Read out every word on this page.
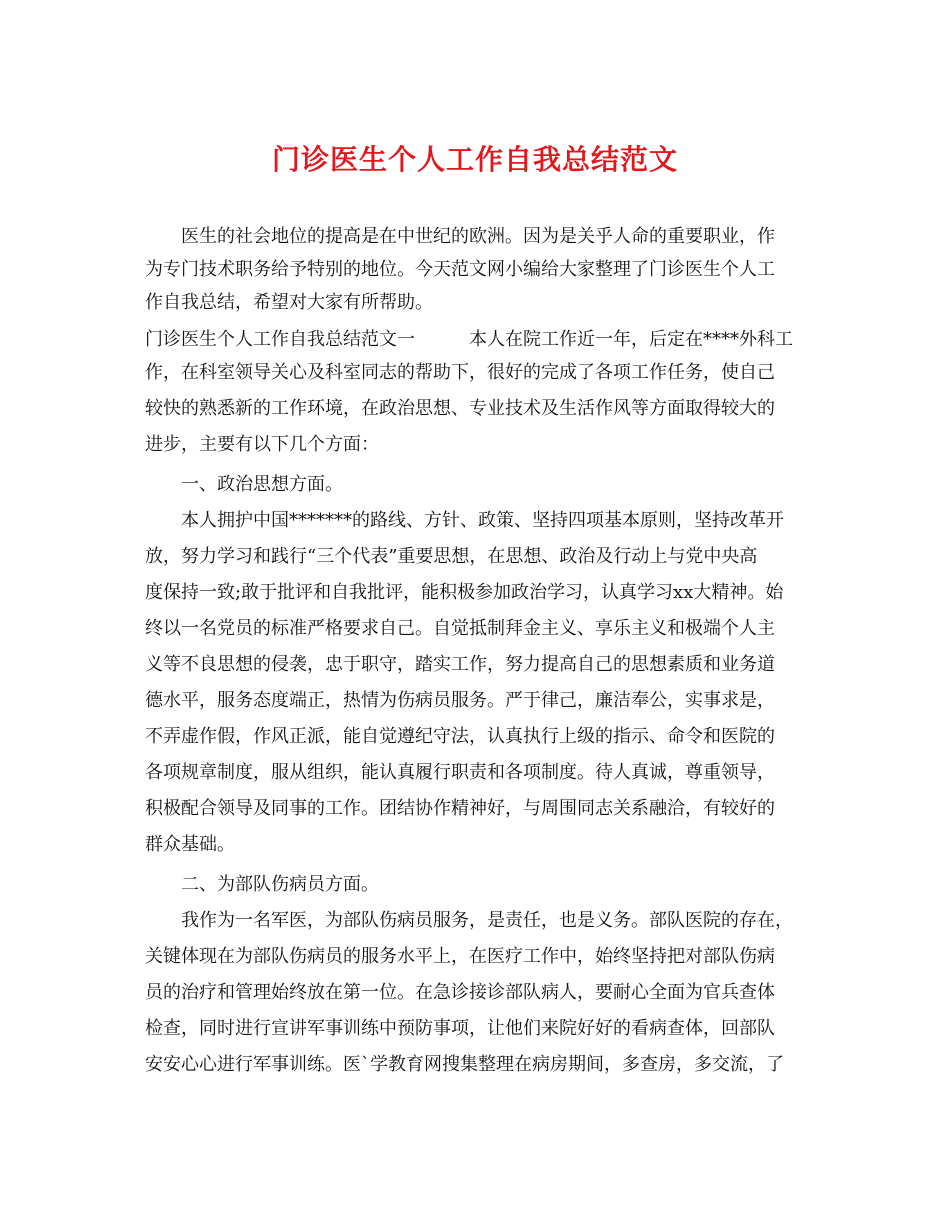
门诊医生个人工作自我总结范文
　　医生的社会地位的提高是在中世纪的欧洲。因为是关乎人命的重要职业，作
为专门技术职务给予特别的地位。今天范文网小编给大家整理了门诊医生个人工
作自我总结，希望对大家有所帮助。
门诊医生个人工作自我总结范文一　　　本人在院工作近一年，后定在****外科工
作，在科室领导关心及科室同志的帮助下，很好的完成了各项工作任务，使自己
较快的熟悉新的工作环境，在政治思想、专业技术及生活作风等方面取得较大的
进步，主要有以下几个方面：
　　一、政治思想方面。
　　本人拥护中国*******的路线、方针、政策、坚持四项基本原则，坚持改革开
放，努力学习和践行“三个代表”重要思想，在思想、政治及行动上与党中央高
度保持一致;敢于批评和自我批评，能积极参加政治学习，认真学习xx大精神。始
终以一名党员的标准严格要求自己。自觉抵制拜金主义、享乐主义和极端个人主
义等不良思想的侵袭，忠于职守，踏实工作，努力提高自己的思想素质和业务道
德水平，服务态度端正，热情为伤病员服务。严于律己，廉洁奉公，实事求是，
不弄虚作假，作风正派，能自觉遵纪守法，认真执行上级的指示、命令和医院的
各项规章制度，服从组织，能认真履行职责和各项制度。待人真诚，尊重领导，
积极配合领导及同事的工作。团结协作精神好，与周围同志关系融洽，有较好的
群众基础。
　　二、为部队伤病员方面。
　　我作为一名军医，为部队伤病员服务，是责任，也是义务。部队医院的存在，
关键体现在为部队伤病员的服务水平上，在医疗工作中，始终坚持把对部队伤病
员的治疗和管理始终放在第一位。在急诊接诊部队病人，要耐心全面为官兵查体
检查，同时进行宣讲军事训练中预防事项，让他们来院好好的看病查体，回部队
安安心心进行军事训练。医`学教育网搜集整理在病房期间，多查房，多交流，了
